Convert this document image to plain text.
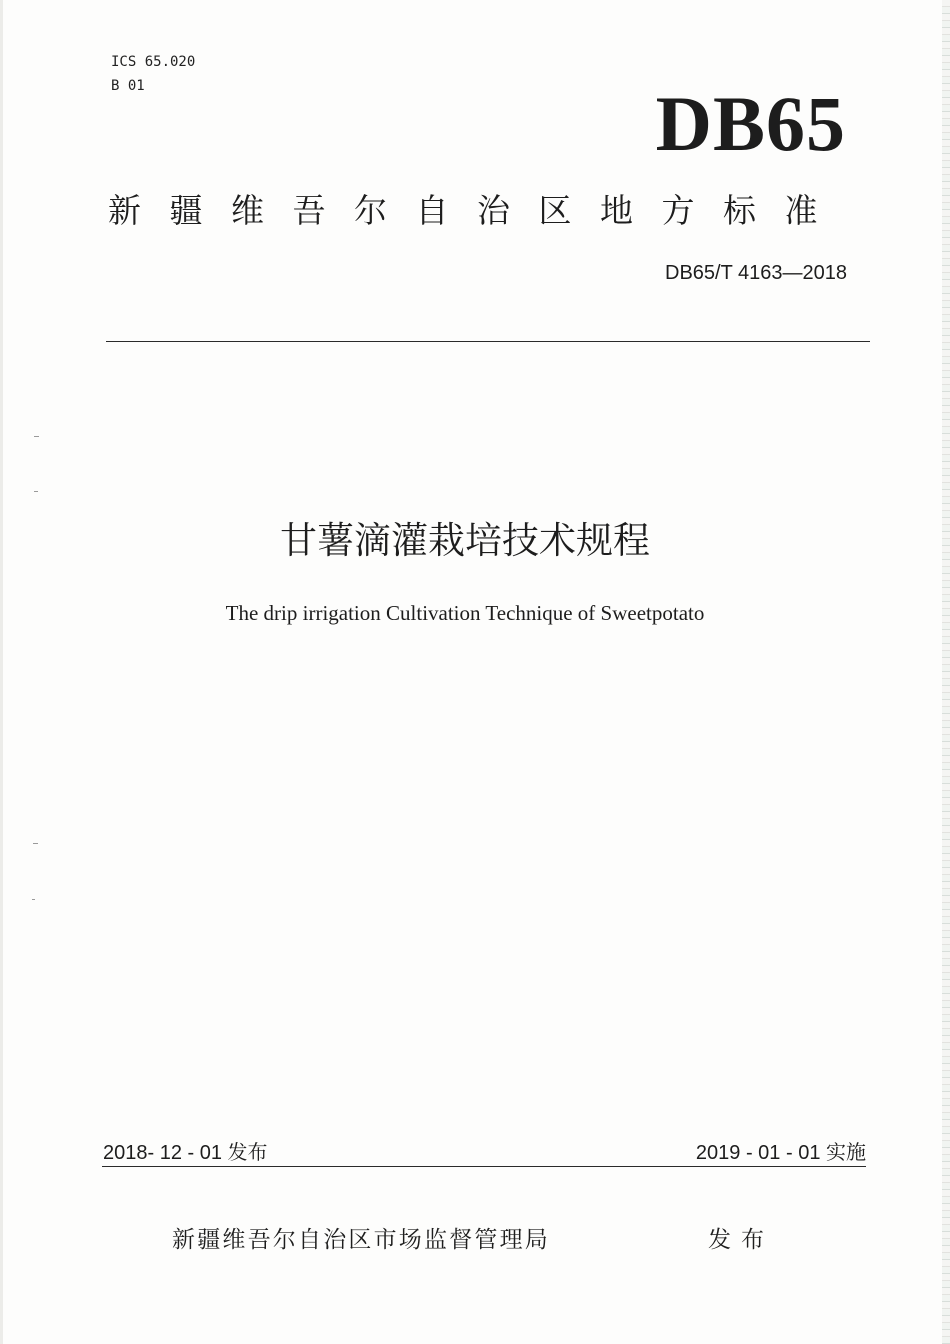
ICS 65.020
B 01	DB65
新疆维吾尔自治区地方标准
DB65/T 4163—2018
甘薯滴灌栽培技术规程
The drip irrigation Cultivation Technique of Sweetpotato
2018- 12 - 01 发布	2019 - 01 - 01 实施
新疆维吾尔自治区市场监督管理局	发布
